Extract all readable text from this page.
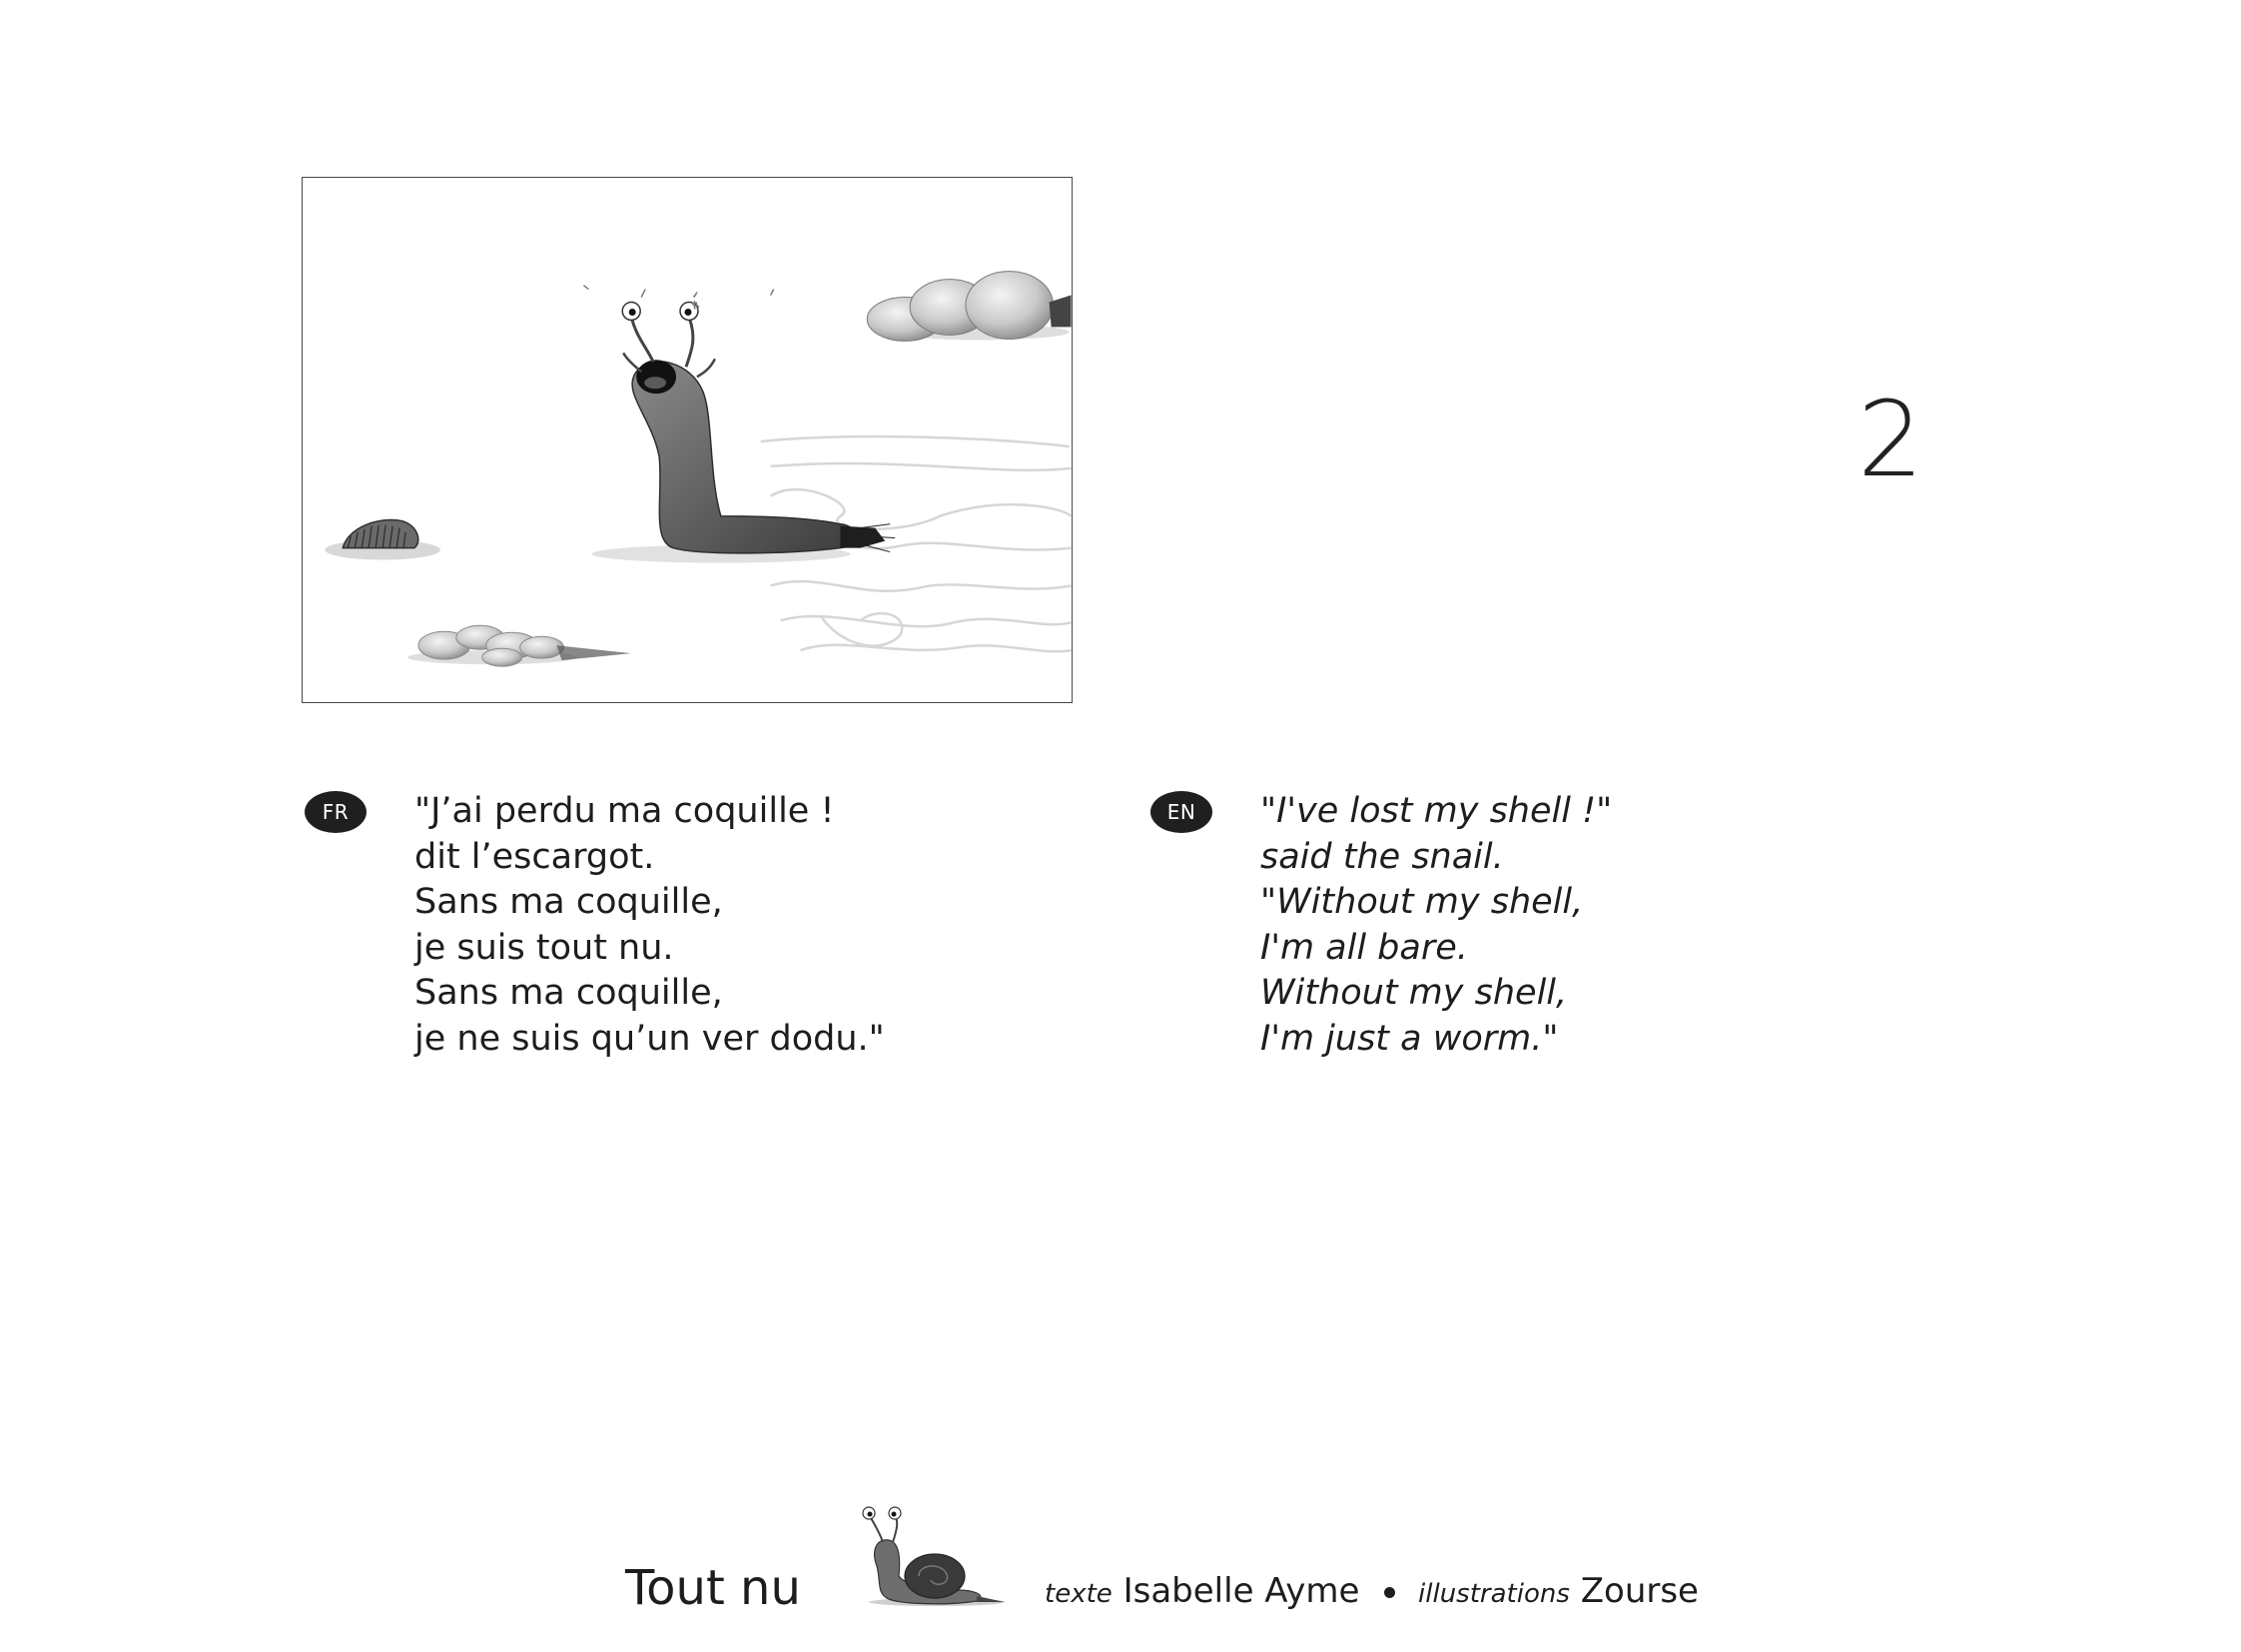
2
FR	"J’ai perdu ma coquille !
dit l’escargot.
Sans ma coquille,
je suis tout nu.
Sans ma coquille,
je ne suis qu’un ver dodu."
EN	"I've lost my shell !"
said the snail.
"Without my shell,
I'm all bare.
Without my shell,
I'm just a worm."
Tout nu	texte Isabelle Ayme illustrations Zourse
